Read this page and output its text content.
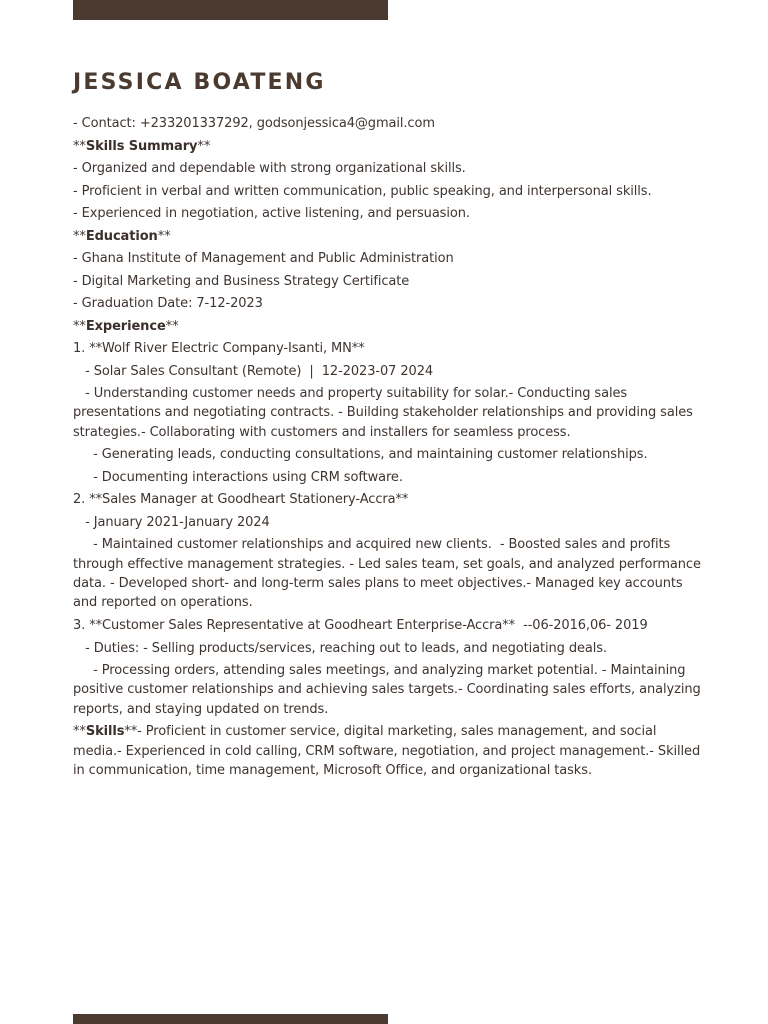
JESSICA BOATENG
- Contact: +233201337292, godsonjessica4@gmail.com
**Skills Summary**
- Organized and dependable with strong organizational skills.
- Proficient in verbal and written communication, public speaking, and interpersonal skills.
- Experienced in negotiation, active listening, and persuasion.
**Education**
- Ghana Institute of Management and Public Administration
- Digital Marketing and Business Strategy Certificate
- Graduation Date: 7-12-2023
**Experience**
1. **Wolf River Electric Company-Isanti, MN**
- Solar Sales Consultant (Remote)  |  12-2023-07 2024
- Understanding customer needs and property suitability for solar.- Conducting sales presentations and negotiating contracts. - Building stakeholder relationships and providing sales strategies.- Collaborating with customers and installers for seamless process.
- Generating leads, conducting consultations, and maintaining customer relationships.
- Documenting interactions using CRM software.
2. **Sales Manager at Goodheart Stationery-Accra**
- January 2021-January 2024
- Maintained customer relationships and acquired new clients.  - Boosted sales and profits through effective management strategies. - Led sales team, set goals, and analyzed performance data. - Developed short- and long-term sales plans to meet objectives.- Managed key accounts and reported on operations.
3. **Customer Sales Representative at Goodheart Enterprise-Accra**  --06-2016,06- 2019
- Duties: - Selling products/services, reaching out to leads, and negotiating deals.
- Processing orders, attending sales meetings, and analyzing market potential. - Maintaining positive customer relationships and achieving sales targets.- Coordinating sales efforts, analyzing reports, and staying updated on trends.
**Skills**- Proficient in customer service, digital marketing, sales management, and social media.- Experienced in cold calling, CRM software, negotiation, and project management.- Skilled in communication, time management, Microsoft Office, and organizational tasks.
